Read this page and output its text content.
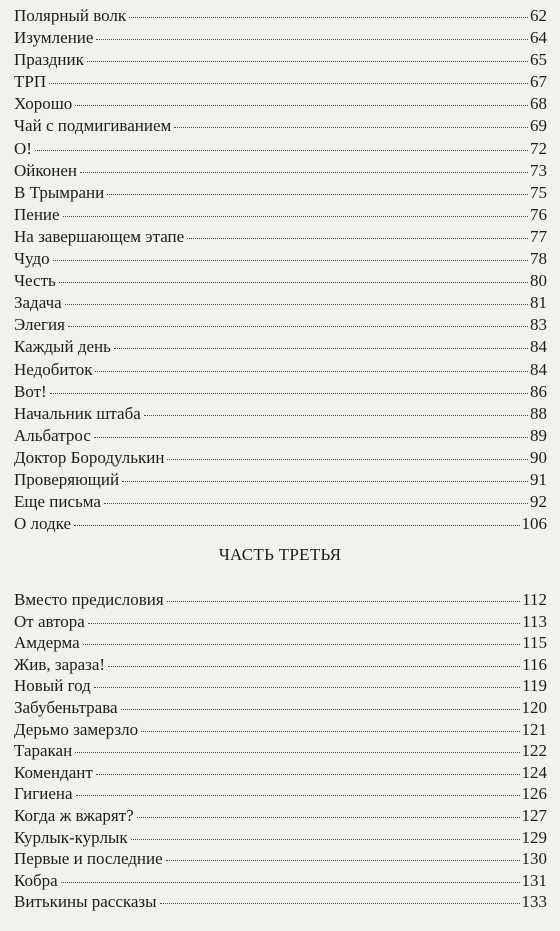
Полярный волк	62
Изумление	64
Праздник	65
ТРП	67
Хорошо	68
Чай с подмигиванием	69
О!	72
Ойконен	73
В Трымрани	75
Пение	76
На завершающем этапе	77
Чудо	78
Честь	80
Задача	81
Элегия	83
Каждый день	84
Недобиток	84
Вот!	86
Начальник штаба	88
Альбатрос	89
Доктор Бородулькин	90
Проверяющий	91
Еще письма	92
О лодке	106
ЧАСТЬ ТРЕТЬЯ
Вместо предисловия	112
От автора	113
Амдерма	115
Жив, зараза!	116
Новый год	119
Забубеньтрава	120
Дерьмо замерзло	121
Таракан	122
Комендант	124
Гигиена	126
Когда ж вжарят?	127
Курлык-курлык	129
Первые и последние	130
Кобра	131
Витькины рассказы	133
